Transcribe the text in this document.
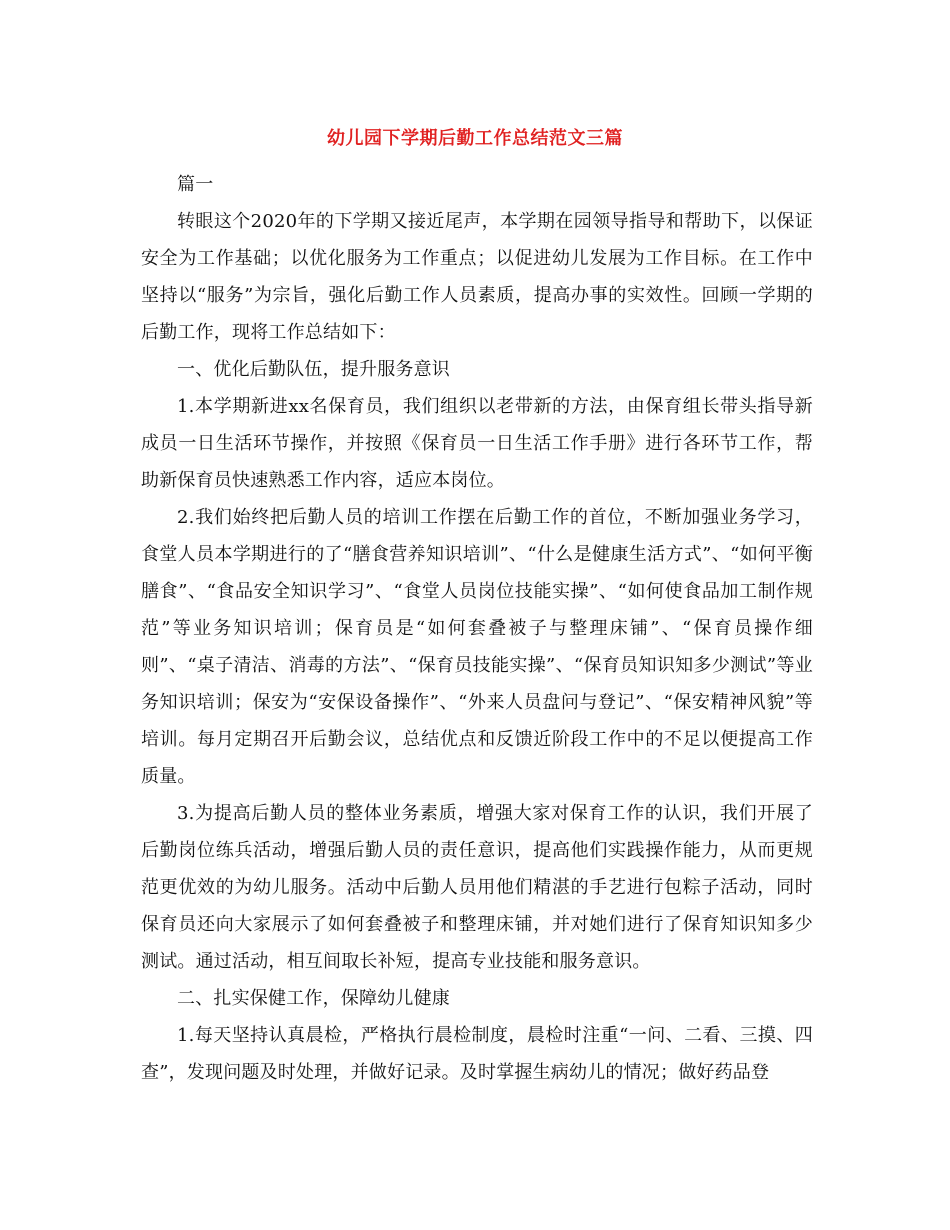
幼儿园下学期后勤工作总结范文三篇

篇一

转眼这个2020年的下学期又接近尾声，本学期在园领导指导和帮助下，以保证安全为工作基础；以优化服务为工作重点；以促进幼儿发展为工作目标。在工作中坚持以“服务”为宗旨，强化后勤工作人员素质，提高办事的实效性。回顾一学期的后勤工作，现将工作总结如下：

一、优化后勤队伍，提升服务意识

1.本学期新进xx名保育员，我们组织以老带新的方法，由保育组长带头指导新成员一日生活环节操作，并按照《保育员一日生活工作手册》进行各环节工作，帮助新保育员快速熟悉工作内容，适应本岗位。

2.我们始终把后勤人员的培训工作摆在后勤工作的首位，不断加强业务学习，食堂人员本学期进行的了“膳食营养知识培训”、“什么是健康生活方式”、“如何平衡膳食”、“食品安全知识学习”、“食堂人员岗位技能实操”、“如何使食品加工制作规范”等业务知识培训；保育员是“如何套叠被子与整理床铺”、“保育员操作细则”、“桌子清洁、消毒的方法”、“保育员技能实操”、“保育员知识知多少测试”等业务知识培训；保安为“安保设备操作”、“外来人员盘问与登记”、“保安精神风貌”等培训。每月定期召开后勤会议，总结优点和反馈近阶段工作中的不足以便提高工作质量。

3.为提高后勤人员的整体业务素质，增强大家对保育工作的认识，我们开展了后勤岗位练兵活动，增强后勤人员的责任意识，提高他们实践操作能力，从而更规范更优效的为幼儿服务。活动中后勤人员用他们精湛的手艺进行包粽子活动，同时保育员还向大家展示了如何套叠被子和整理床铺，并对她们进行了保育知识知多少测试。通过活动，相互间取长补短，提高专业技能和服务意识。

二、扎实保健工作，保障幼儿健康

1.每天坚持认真晨检，严格执行晨检制度，晨检时注重“一问、二看、三摸、四查”，发现问题及时处理，并做好记录。及时掌握生病幼儿的情况；做好药品登
